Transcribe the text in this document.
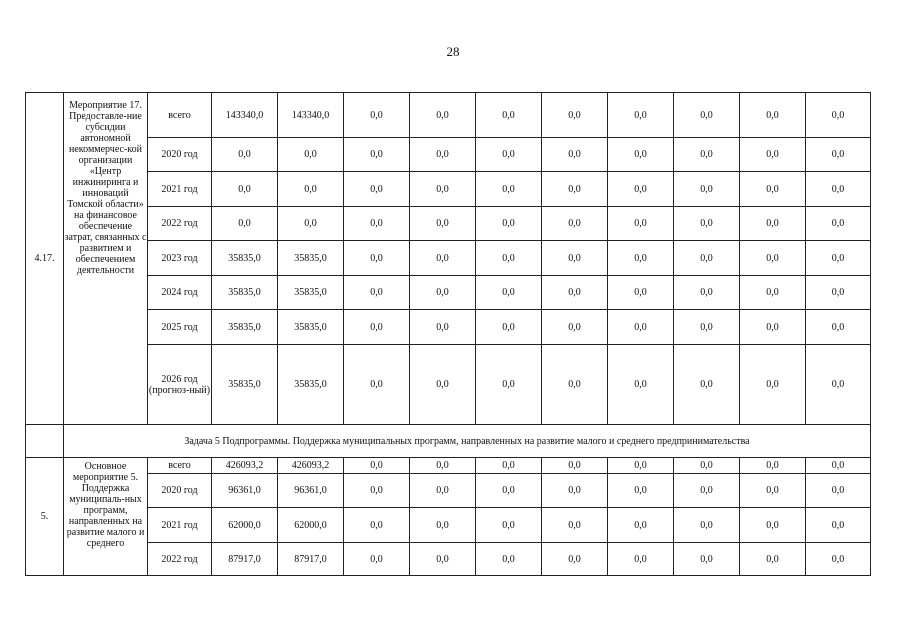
28
4.17.	Мероприятие 17. Предоставле-ние субсидии автономной некоммерчес-кой организации «Центр инжиниринга и инноваций Томской области» на финансовое обеспечение затрат, связанных с развитием и обеспечением деятельности	всего	143340,0	143340,0	0,0	0,0	0,0	0,0	0,0	0,0	0,0	0,0
		2020 год	0,0	0,0	0,0	0,0	0,0	0,0	0,0	0,0	0,0	0,0
		2021 год	0,0	0,0	0,0	0,0	0,0	0,0	0,0	0,0	0,0	0,0
		2022 год	0,0	0,0	0,0	0,0	0,0	0,0	0,0	0,0	0,0	0,0
		2023 год	35835,0	35835,0	0,0	0,0	0,0	0,0	0,0	0,0	0,0	0,0
		2024 год	35835,0	35835,0	0,0	0,0	0,0	0,0	0,0	0,0	0,0	0,0
		2025 год	35835,0	35835,0	0,0	0,0	0,0	0,0	0,0	0,0	0,0	0,0
		2026 год (прогноз-ный)	35835,0	35835,0	0,0	0,0	0,0	0,0	0,0	0,0	0,0	0,0
	Задача 5 Подпрограммы. Поддержка муниципальных программ, направленных на развитие малого и среднего предпринимательства											
5.	Основное мероприятие 5. Поддержка муниципаль-ных программ, направленных на развитие малого и среднего	всего	426093,2	426093,2	0,0	0,0	0,0	0,0	0,0	0,0	0,0	0,0
		2020 год	96361,0	96361,0	0,0	0,0	0,0	0,0	0,0	0,0	0,0	0,0
		2021 год	62000,0	62000,0	0,0	0,0	0,0	0,0	0,0	0,0	0,0	0,0
		2022 год	87917,0	87917,0	0,0	0,0	0,0	0,0	0,0	0,0	0,0	0,0
